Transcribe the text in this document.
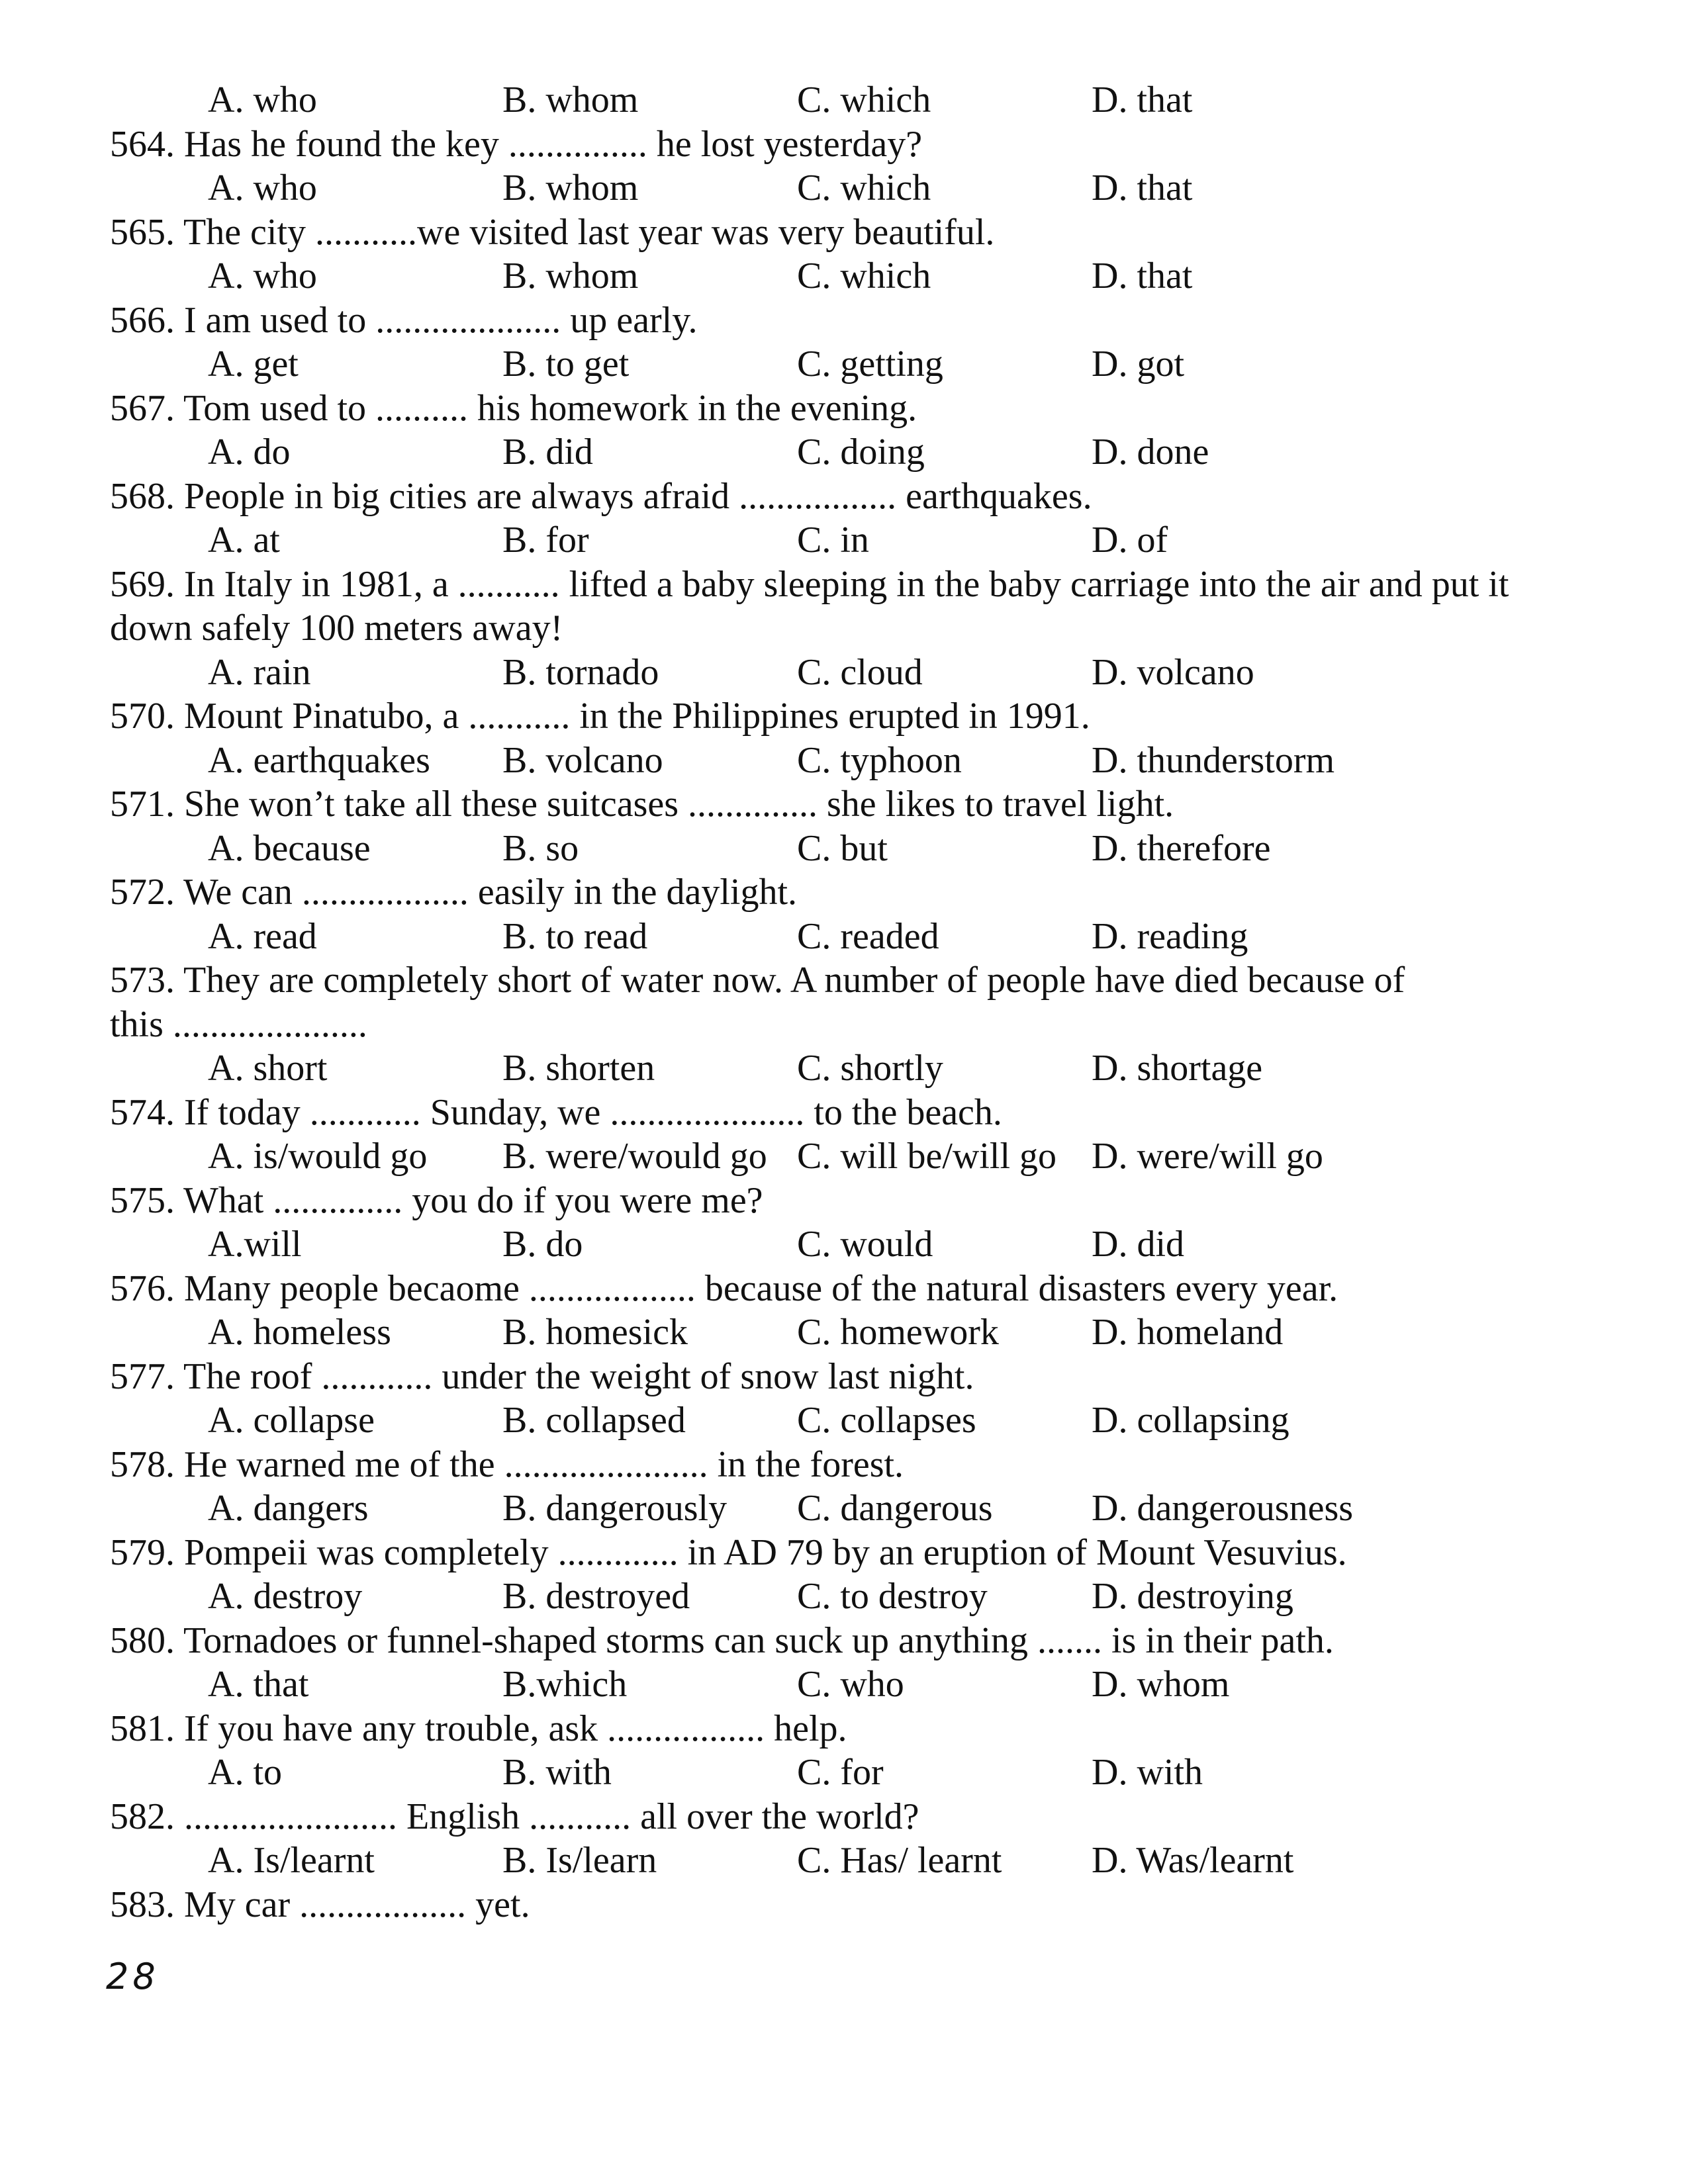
A. who	B. whom	C. which	D. that
564. Has he found the key ............... he lost yesterday?
A. who	B. whom	C. which	D. that
565. The city ...........we visited last year was very beautiful.
A. who	B. whom	C. which	D. that
566. I am used to .................... up early.
A. get	B. to get	C. getting	D. got
567. Tom used to .......... his homework in the evening.
A. do	B. did	C. doing	D. done
568. People in big cities are always afraid ................. earthquakes.
A. at	B. for	C. in	D. of
569. In Italy in 1981, a ........... lifted a baby sleeping in the baby carriage into the air and put it
down safely 100 meters away!
A. rain	B. tornado	C. cloud	D. volcano
570. Mount Pinatubo, a ........... in the Philippines erupted in 1991.
A. earthquakes	B. volcano	C. typhoon	D. thunderstorm
571. She won’t take all these suitcases .............. she likes to travel light.
A. because	B. so	C. but	D. therefore
572. We can .................. easily in the daylight.
A. read	B. to read	C. readed	D. reading
573. They are completely short of water now. A number of people have died because of
this .....................
A. short	B. shorten	C. shortly	D. shortage
574. If today ............ Sunday, we ..................... to the beach.
A. is/would go	B. were/would go C. will be/will go D. were/will go
575. What .............. you do if you were me?
A.will	B. do	C. would	D. did
576. Many people becaome .................. because of the natural disasters every year.
A. homeless	B. homesick	C. homework	D. homeland
577. The roof ............ under the weight of snow last night.
A. collapse	B. collapsed	C. collapses	D. collapsing
578. He warned me of the ...................... in the forest.
A. dangers	B. dangerously	C. dangerous	D. dangerousness
579. Pompeii was completely ............. in AD 79 by an eruption of Mount Vesuvius.
A. destroy	B. destroyed	C. to destroy	D. destroying
580. Tornadoes or funnel-shaped storms can suck up anything ....... is in their path.
A. that	B.which	C. who	D. whom
581. If you have any trouble, ask ................. help.
A. to	B. with	C. for	D. with
582. ....................... English ........... all over the world?
A. Is/learnt	B. Is/learn	C. Has/ learnt	D. Was/learnt
583. My car .................. yet.
28
